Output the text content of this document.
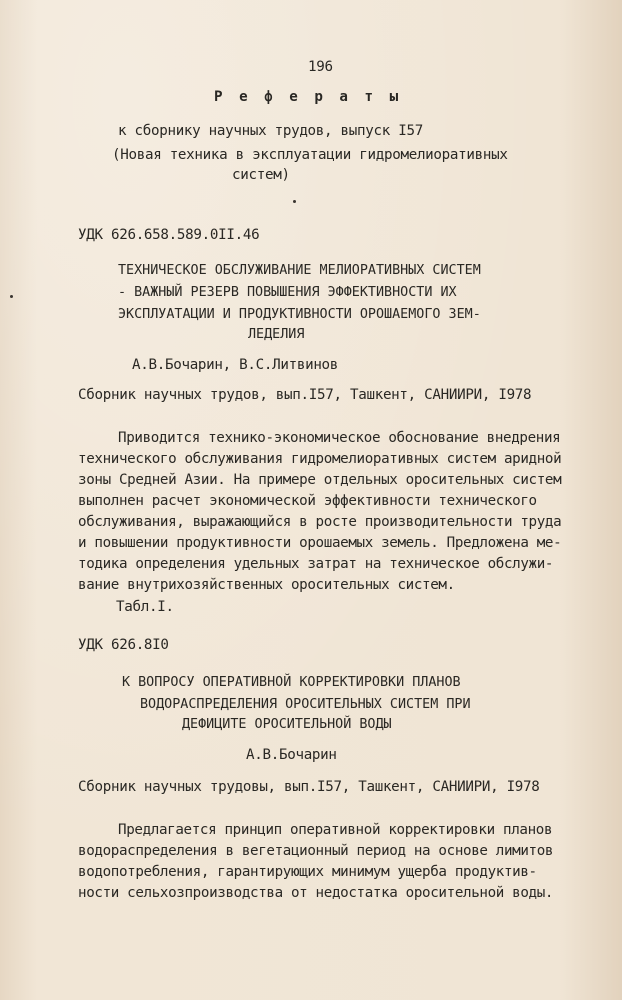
196
Р е ф е р а т ы
к сборнику научных трудов, выпуск I57
(Новая техника в эксплуатации гидромелиоративных
систем)
УДК 626.658.589.0II.46
ТЕХНИЧЕСКОЕ ОБСЛУЖИВАНИЕ МЕЛИОРАТИВНЫХ СИСТЕМ
- ВАЖНЫЙ РЕЗЕРВ ПОВЫШЕНИЯ ЭФФЕКТИВНОСТИ ИХ
ЭКСПЛУАТАЦИИ И ПРОДУКТИВНОСТИ ОРОШАЕМОГО ЗЕМ-
ЛЕДЕЛИЯ
А.В.Бочарин, В.С.Литвинов
Сборник научных трудов, вып.I57, Ташкент, САНИИРИ, I978
Приводится технико-экономическое обоснование внедрения
технического обслуживания гидромелиоративных систем аридной
зоны Средней Азии. На примере отдельных оросительных систем
выполнен расчет экономической эффективности технического
обслуживания, выражающийся в росте производительности труда
и повышении продуктивности орошаемых земель. Предложена ме-
тодика определения удельных затрат на техническое обслужи-
вание внутрихозяйственных оросительных систем.
Табл.I.
УДК 626.8I0
К ВОПРОСУ ОПЕРАТИВНОЙ КОРРЕКТИРОВКИ ПЛАНОВ
ВОДОРАСПРЕДЕЛЕНИЯ ОРОСИТЕЛЬНЫХ СИСТЕМ ПРИ
ДЕФИЦИТЕ ОРОСИТЕЛЬНОЙ ВОДЫ
А.В.Бочарин
Сборник научных трудовы, вып.I57, Ташкент, САНИИРИ, I978
Предлагается принцип оперативной корректировки планов
водораспределения в вегетационный период на основе лимитов
водопотребления, гарантирующих минимум ущерба продуктив-
ности сельхозпроизводства от недостатка оросительной воды.
